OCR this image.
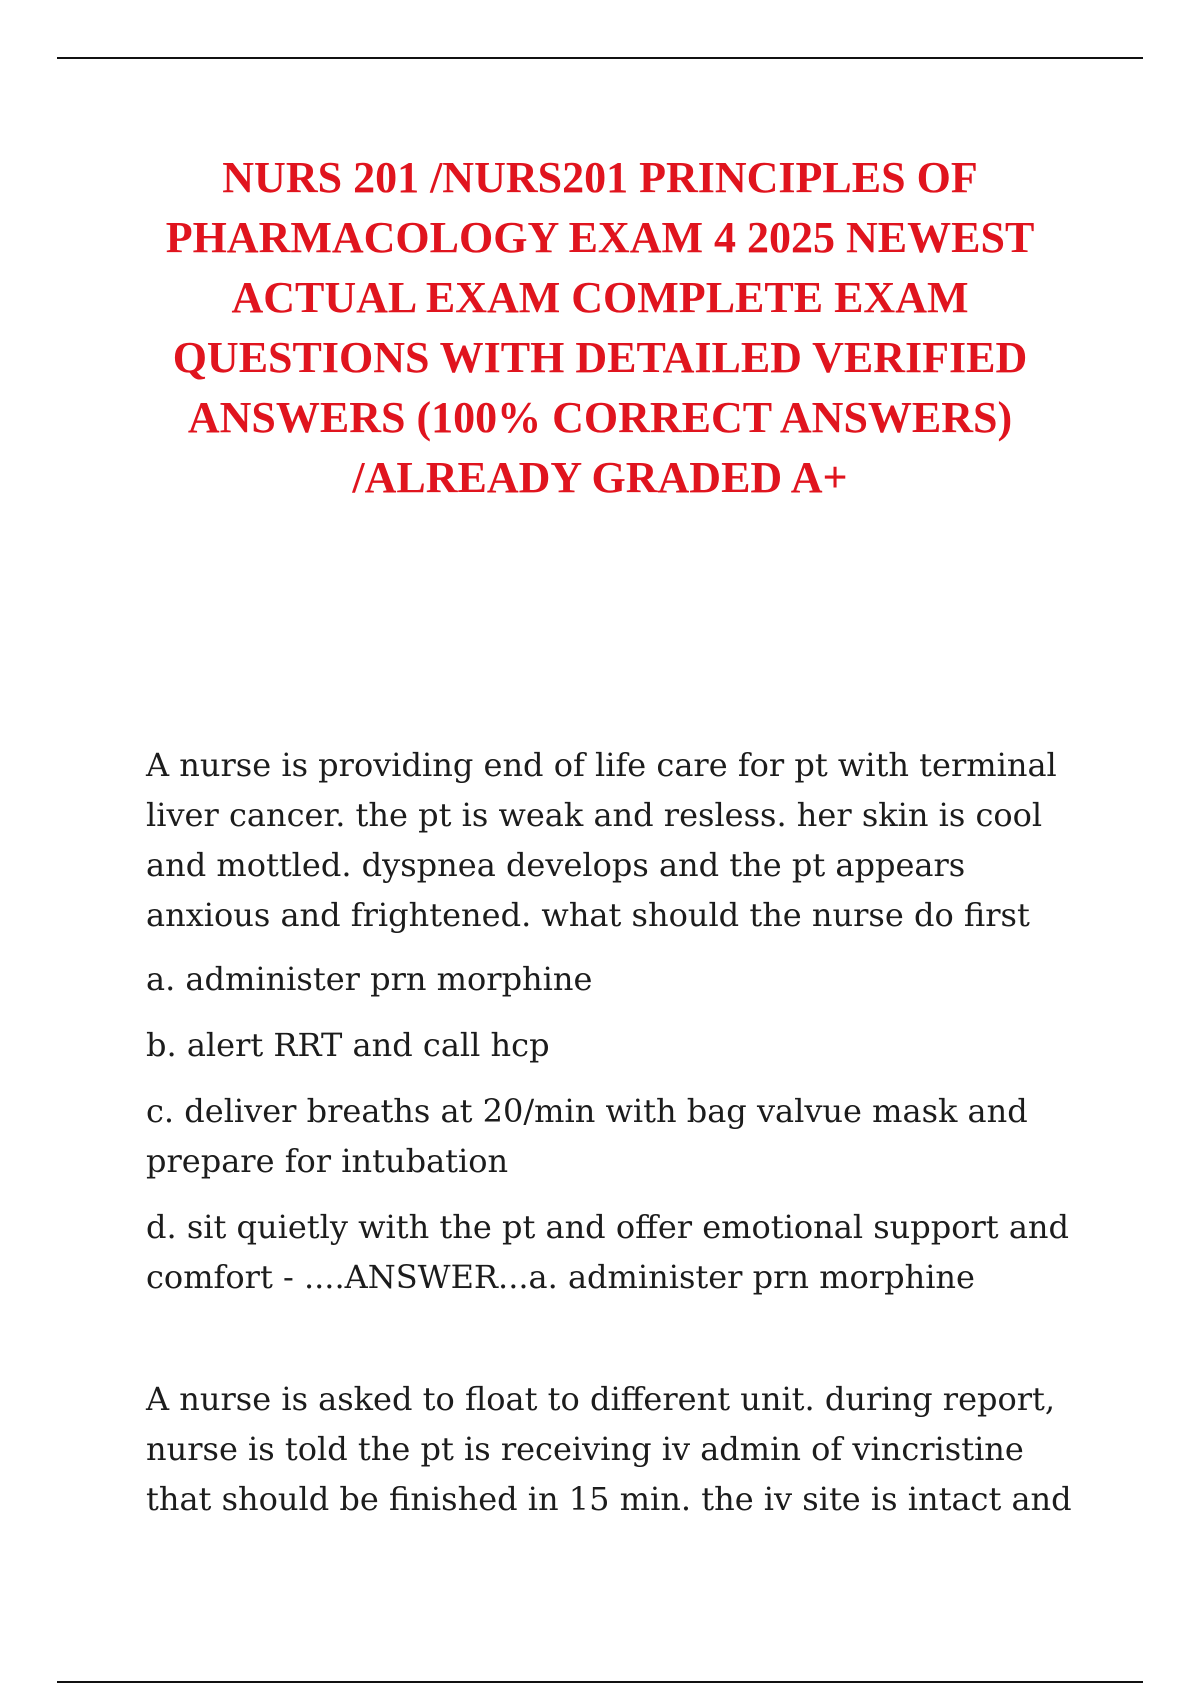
NURS 201 /NURS201 PRINCIPLES OF PHARMACOLOGY EXAM 4 2025 NEWEST ACTUAL EXAM COMPLETE EXAM QUESTIONS WITH DETAILED VERIFIED ANSWERS (100% CORRECT ANSWERS) /ALREADY GRADED A+

A nurse is providing end of life care for pt with terminal liver cancer. the pt is weak and resless. her skin is cool and mottled. dyspnea develops and the pt appears anxious and frightened. what should the nurse do first

a. administer prn morphine

b. alert RRT and call hcp

c. deliver breaths at 20/min with bag valvue mask and prepare for intubation

d. sit quietly with the pt and offer emotional support and comfort - ....ANSWER...a. administer prn morphine

A nurse is asked to float to different unit. during report, nurse is told the pt is receiving iv admin of vincristine that should be finished in 15 min. the iv site is intact and
